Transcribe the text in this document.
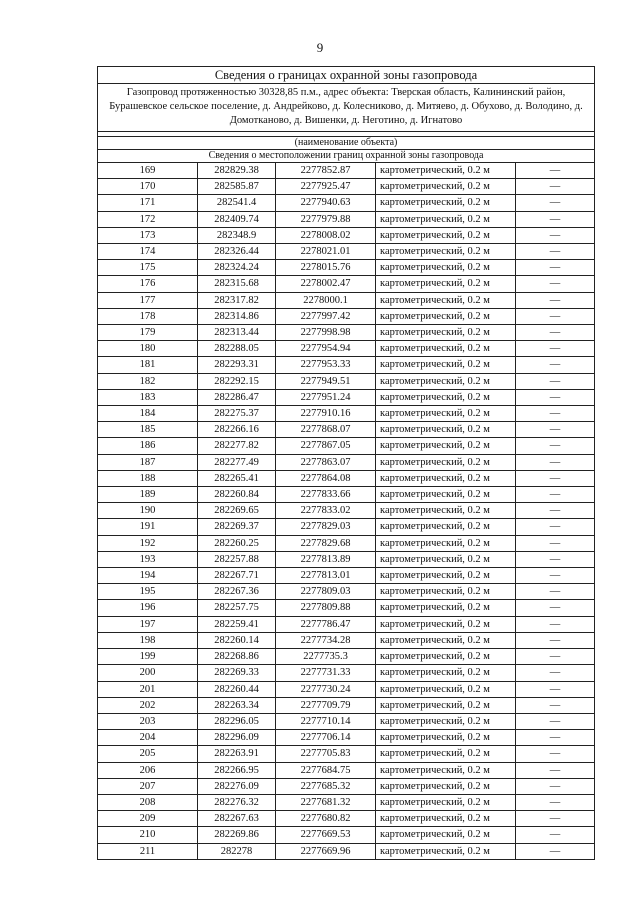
9
Сведения о границах охранной зоны газопровода				
Газопровод протяженностью 30328,85 п.м., адрес объекта: Тверская область, Калининский район, Бурашевское сельское поселение, д. Андрейково, д. Колесниково, д. Митяево, д. Обухово, д. Володино, д. Домотканово, д. Вишенки, д. Неготино, д. Игнатово				

(наименование объекта)				
Сведения о местоположении границ охранной зоны газопровода				
169	282829.38	2277852.87	картометрический, 0.2 м	—
170	282585.87	2277925.47	картометрический, 0.2 м	—
171	282541.4	2277940.63	картометрический, 0.2 м	—
172	282409.74	2277979.88	картометрический, 0.2 м	—
173	282348.9	2278008.02	картометрический, 0.2 м	—
174	282326.44	2278021.01	картометрический, 0.2 м	—
175	282324.24	2278015.76	картометрический, 0.2 м	—
176	282315.68	2278002.47	картометрический, 0.2 м	—
177	282317.82	2278000.1	картометрический, 0.2 м	—
178	282314.86	2277997.42	картометрический, 0.2 м	—
179	282313.44	2277998.98	картометрический, 0.2 м	—
180	282288.05	2277954.94	картометрический, 0.2 м	—
181	282293.31	2277953.33	картометрический, 0.2 м	—
182	282292.15	2277949.51	картометрический, 0.2 м	—
183	282286.47	2277951.24	картометрический, 0.2 м	—
184	282275.37	2277910.16	картометрический, 0.2 м	—
185	282266.16	2277868.07	картометрический, 0.2 м	—
186	282277.82	2277867.05	картометрический, 0.2 м	—
187	282277.49	2277863.07	картометрический, 0.2 м	—
188	282265.41	2277864.08	картометрический, 0.2 м	—
189	282260.84	2277833.66	картометрический, 0.2 м	—
190	282269.65	2277833.02	картометрический, 0.2 м	—
191	282269.37	2277829.03	картометрический, 0.2 м	—
192	282260.25	2277829.68	картометрический, 0.2 м	—
193	282257.88	2277813.89	картометрический, 0.2 м	—
194	282267.71	2277813.01	картометрический, 0.2 м	—
195	282267.36	2277809.03	картометрический, 0.2 м	—
196	282257.75	2277809.88	картометрический, 0.2 м	—
197	282259.41	2277786.47	картометрический, 0.2 м	—
198	282260.14	2277734.28	картометрический, 0.2 м	—
199	282268.86	2277735.3	картометрический, 0.2 м	—
200	282269.33	2277731.33	картометрический, 0.2 м	—
201	282260.44	2277730.24	картометрический, 0.2 м	—
202	282263.34	2277709.79	картометрический, 0.2 м	—
203	282296.05	2277710.14	картометрический, 0.2 м	—
204	282296.09	2277706.14	картометрический, 0.2 м	—
205	282263.91	2277705.83	картометрический, 0.2 м	—
206	282266.95	2277684.75	картометрический, 0.2 м	—
207	282276.09	2277685.32	картометрический, 0.2 м	—
208	282276.32	2277681.32	картометрический, 0.2 м	—
209	282267.63	2277680.82	картометрический, 0.2 м	—
210	282269.86	2277669.53	картометрический, 0.2 м	—
211	282278	2277669.96	картометрический, 0.2 м	—
